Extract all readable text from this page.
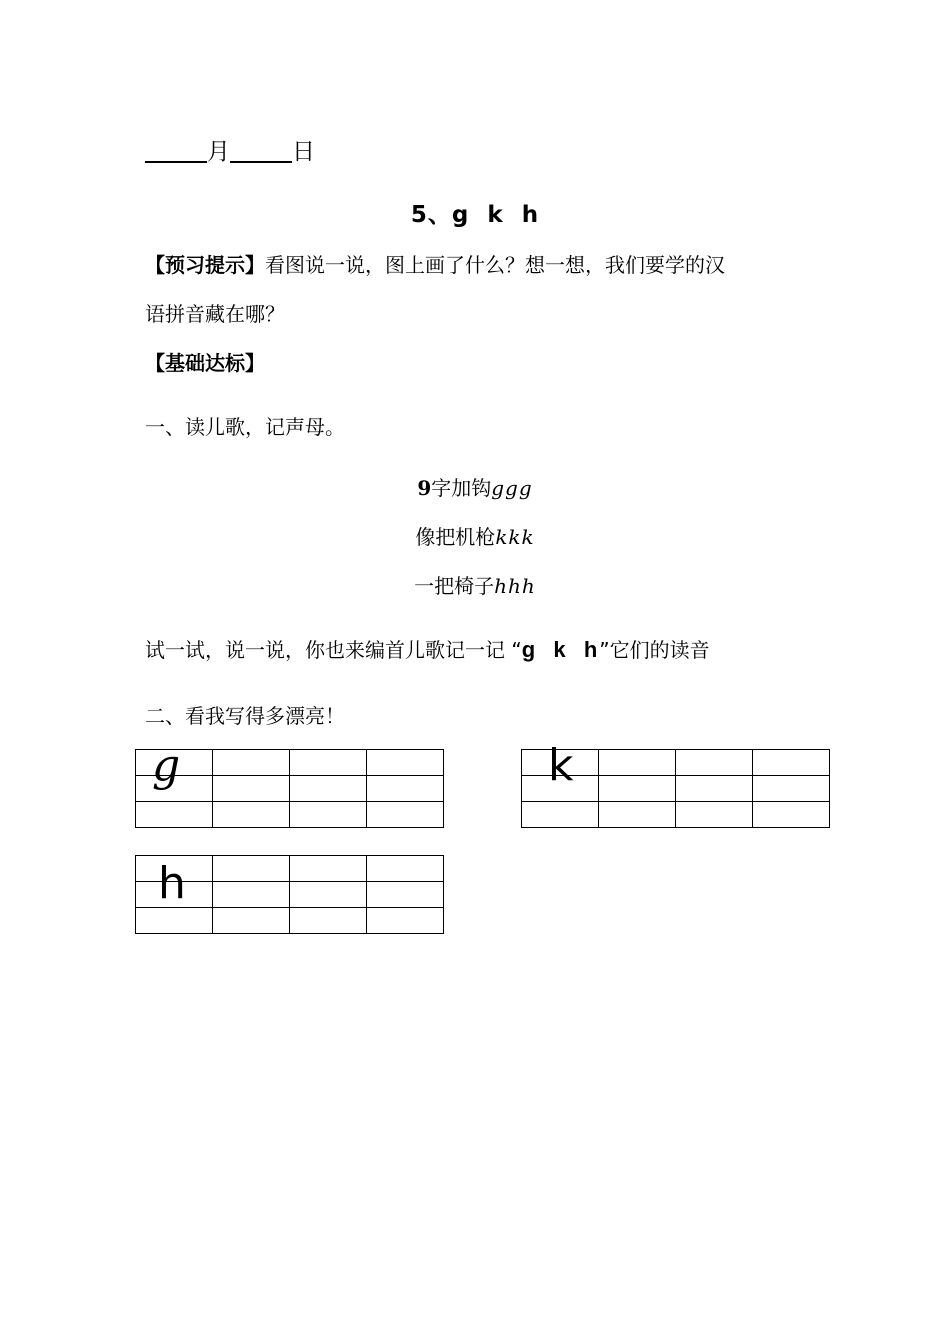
月	日
5、g  k  h
【预习提示】看图说一说，图上画了什么？想一想，我们要学的汉
语拼音藏在哪？
【基础达标】
一、读儿歌，记声母。
9字加钩ggg
像把机枪kkk
一把椅子hhh
试一试，说一说，你也来编首儿歌记一记 “g  k  h”它们的读音
二、看我写得多漂亮！

g

				k

h
